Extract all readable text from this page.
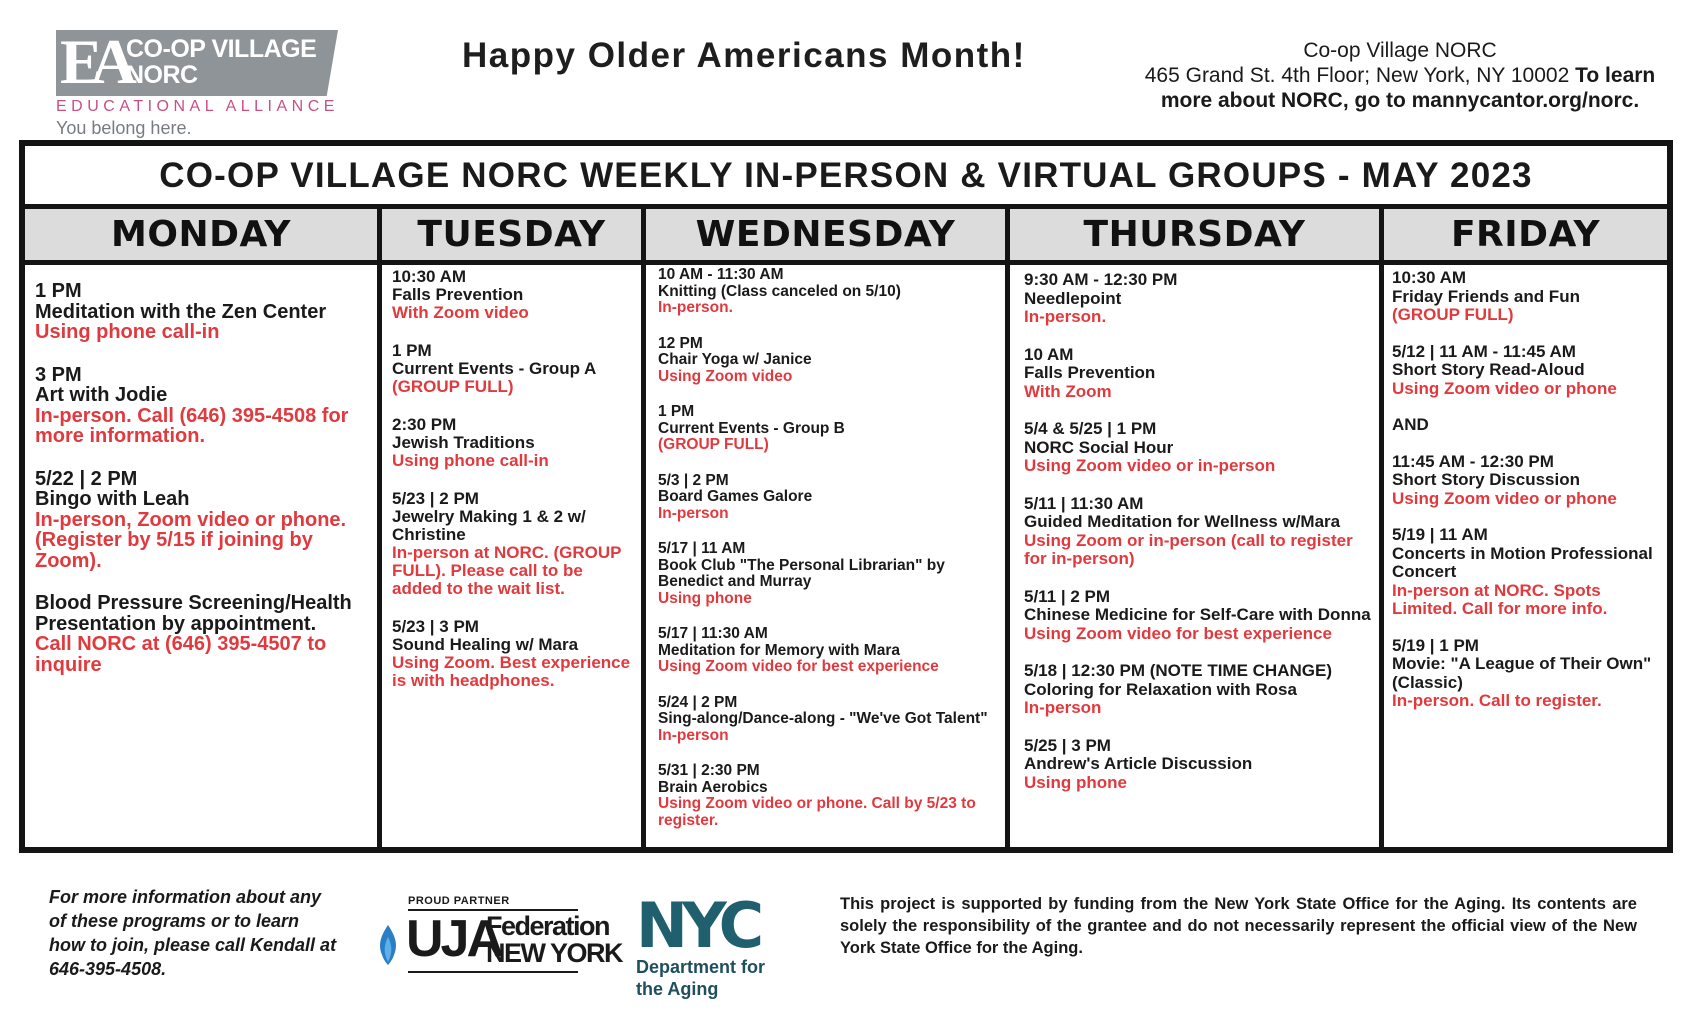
EA CO-OP VILLAGE
NORC
EDUCATIONAL ALLIANCE
You belong here.
Happy Older Americans Month!	Co-op Village NORC
465 Grand St. 4th Floor; New York, NY 10002 To learn more about NORC, go to mannycantor.org/norc.
CO-OP VILLAGE NORC WEEKLY IN-PERSON & VIRTUAL GROUPS - MAY 2023
MONDAY
1 PM
Meditation with the Zen Center
Using phone call-in
3 PM
Art with Jodie
In-person. Call (646) 395-4508 for more information.
5/22 | 2 PM
Bingo with Leah
In-person, Zoom video or phone. (Register by 5/15 if joining by Zoom).
Blood Pressure Screening/Health Presentation by appointment.
Call NORC at (646) 395-4507 to inquire
TUESDAY
10:30 AM
Falls Prevention
With Zoom video
1 PM
Current Events - Group A
(GROUP FULL)
2:30 PM
Jewish Traditions
Using phone call-in
5/23 | 2 PM
Jewelry Making 1 & 2 w/ Christine
In-person at NORC. (GROUP FULL). Please call to be added to the wait list.
5/23 | 3 PM
Sound Healing w/ Mara
Using Zoom. Best experience is with headphones.
WEDNESDAY
10 AM - 11:30 AM
Knitting (Class canceled on 5/10)
In-person.
12 PM
Chair Yoga w/ Janice
Using Zoom video
1 PM
Current Events - Group B
(GROUP FULL)
5/3 | 2 PM
Board Games Galore
In-person
5/17 | 11 AM
Book Club "The Personal Librarian" by Benedict and Murray
Using phone
5/17 | 11:30 AM
Meditation for Memory with Mara
Using Zoom video for best experience
5/24 | 2 PM
Sing-along/Dance-along - "We've Got Talent"
In-person
5/31 | 2:30 PM
Brain Aerobics
Using Zoom video or phone. Call by 5/23 to register.
THURSDAY
9:30 AM - 12:30 PM
Needlepoint
In-person.
10 AM
Falls Prevention
With Zoom
5/4 & 5/25 | 1 PM
NORC Social Hour
Using Zoom video or in-person
5/11 | 11:30 AM
Guided Meditation for Wellness w/Mara
Using Zoom or in-person (call to register for in-person)
5/11 | 2 PM
Chinese Medicine for Self-Care with Donna
Using Zoom video for best experience
5/18 | 12:30 PM (NOTE TIME CHANGE)
Coloring for Relaxation with Rosa
In-person
5/25 | 3 PM
Andrew's Article Discussion
Using phone
FRIDAY
10:30 AM
Friday Friends and Fun
(GROUP FULL)
5/12 | 11 AM - 11:45 AM
Short Story Read-Aloud
Using Zoom video or phone
AND
11:45 AM - 12:30 PM
Short Story Discussion
Using Zoom video or phone
5/19 | 11 AM
Concerts in Motion Professional Concert
In-person at NORC. Spots Limited. Call for more info.
5/19 | 1 PM
Movie: "A League of Their Own" (Classic)
In-person. Call to register.
For more information about any of these programs or to learn how to join, please call Kendall at 646-395-4508.
PROUD PARTNER
UJA
Federation
NEW YORK NYC
Department for
the Aging
This project is supported by funding from the New York State Office for the Aging. Its contents are solely the responsibility of the grantee and do not necessarily represent the official view of the New York State Office for the Aging.
